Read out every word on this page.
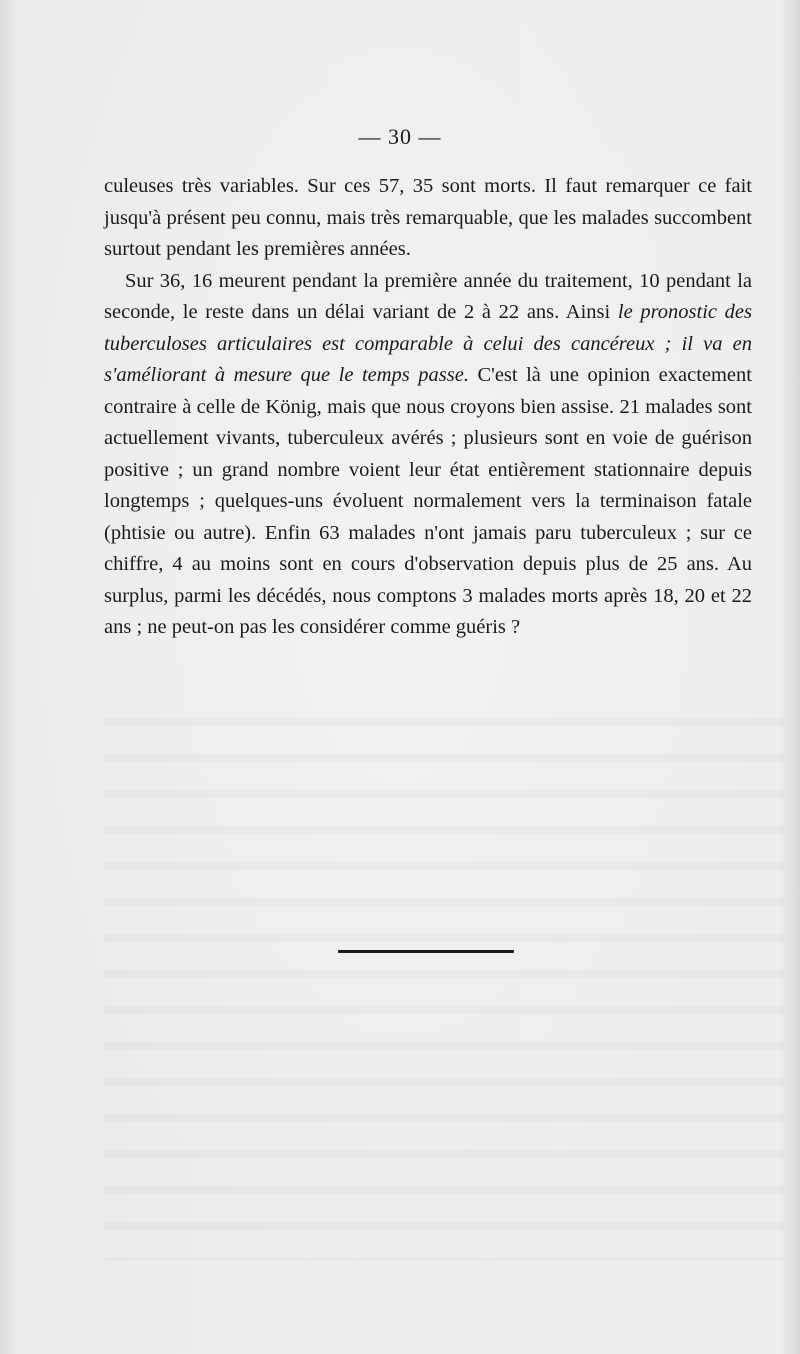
— 30 —

culeuses très variables. Sur ces 57, 35 sont morts. Il faut remarquer ce fait jusqu'à présent peu connu, mais très remarquable, que les malades succombent surtout pendant les premières années.

Sur 36, 16 meurent pendant la première année du traitement, 10 pendant la seconde, le reste dans un délai variant de 2 à 22 ans. Ainsi le pronostic des tuberculoses articulaires est comparable à celui des cancéreux ; il va en s'améliorant à mesure que le temps passe. C'est là une opinion exactement contraire à celle de König, mais que nous croyons bien assise. 21 malades sont actuellement vivants, tuberculeux avérés ; plusieurs sont en voie de guérison positive ; un grand nombre voient leur état entièrement stationnaire depuis longtemps ; quelques-uns évoluent normalement vers la terminaison fatale (phtisie ou autre). Enfin 63 malades n'ont jamais paru tuberculeux ; sur ce chiffre, 4 au moins sont en cours d'observation depuis plus de 25 ans. Au surplus, parmi les décédés, nous comptons 3 malades morts après 18, 20 et 22 ans ; ne peut-on pas les considérer comme guéris ?
